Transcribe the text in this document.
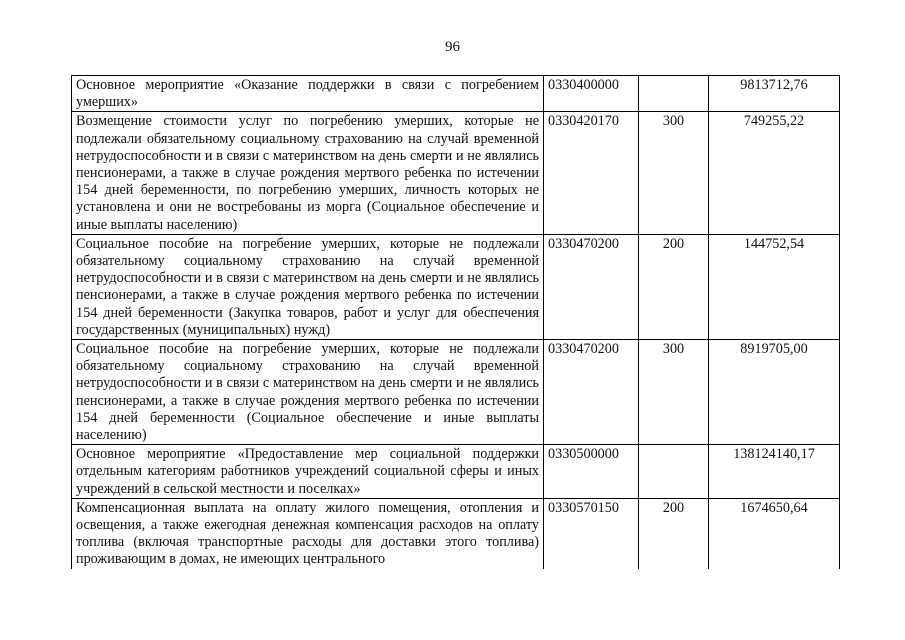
96
Основное мероприятие «Оказание поддержки в связи с погребением умерших»	0330400000		9813712,76
Возмещение стоимости услуг по погребению умерших, которые не подлежали обязательному социальному страхованию на случай временной нетрудоспособности и в связи с материнством на день смерти и не являлись пенсионерами, а также в случае рождения мертвого ребенка по истечении 154 дней беременности, по погребению умерших, личность которых не установлена и они не востребованы из морга (Социальное обеспечение и иные выплаты населению)	0330420170	300	749255,22
Социальное пособие на погребение умерших, которые не подлежали обязательному социальному страхованию на случай временной нетрудоспособности и в связи с материнством на день смерти и не являлись пенсионерами, а также в случае рождения мертвого ребенка по истечении 154 дней беременности (Закупка товаров, работ и услуг для обеспечения государственных (муниципальных) нужд)	0330470200	200	144752,54
Социальное пособие на погребение умерших, которые не подлежали обязательному социальному страхованию на случай временной нетрудоспособности и в связи с материнством на день смерти и не являлись пенсионерами, а также в случае рождения мертвого ребенка по истечении 154 дней беременности (Социальное обеспечение и иные выплаты населению)	0330470200	300	8919705,00
Основное мероприятие «Предоставление мер социальной поддержки отдельным категориям работников учреждений социальной сферы и иных учреждений в сельской местности и поселках»	0330500000		138124140,17
Компенсационная выплата на оплату жилого помещения, отопления и освещения, а также ежегодная денежная компенсация расходов на оплату топлива (включая транспортные расходы для доставки этого топлива) проживающим в домах, не имеющих центрального	0330570150	200	1674650,64
